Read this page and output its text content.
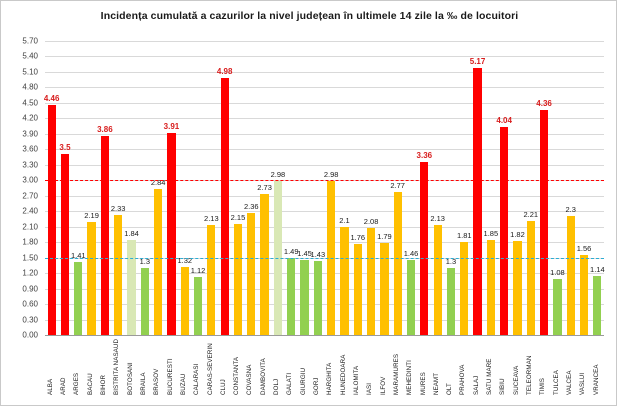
Incidența cumulată a cazurilor la nivel județean în ultimele 14 zile la ‰ de locuitori
0.00
0.30
0.60
0.90
1.20
1.50
1.80
2.10
2.40
2.70
3.00
3.30
3.60
3.90
4.20
4.50
4.80
5.10
5.40
5.70
4.46
3.5
1.41
2.19
3.86
2.33
1.84
1.3
2.84
3.91
1.32
1.12
2.13
4.98
2.15
2.36
2.73
2.98
1.49
1.45
1.43
2.98
2.1
1.76
2.08
1.79
2.77
1.46
3.36
2.13
1.3
1.81
5.17
1.85
4.04
1.82
2.21
4.36
1.08
2.3
1.56
1.14
ALBA ARAD ARGES BACAU BIHOR BISTRITA NASAUD BOTOSANI BRAILA BRASOV BUCURESTI BUZAU CALARASI CARAS-SEVERIN CLUJ CONSTANTA COVASNA DAMBOVITA DOLJ GALATI GIURGIU GORJ HARGHITA HUNEDOARA IALOMITA IASI ILFOV MARAMURES MEHEDINTI MURES NEAMT OLT PRAHOVA SALAJ SATU MARE SIBIU SUCEAVA TELEORMAN TIMIS TULCEA VALCEA VASLUI VRANCEA
